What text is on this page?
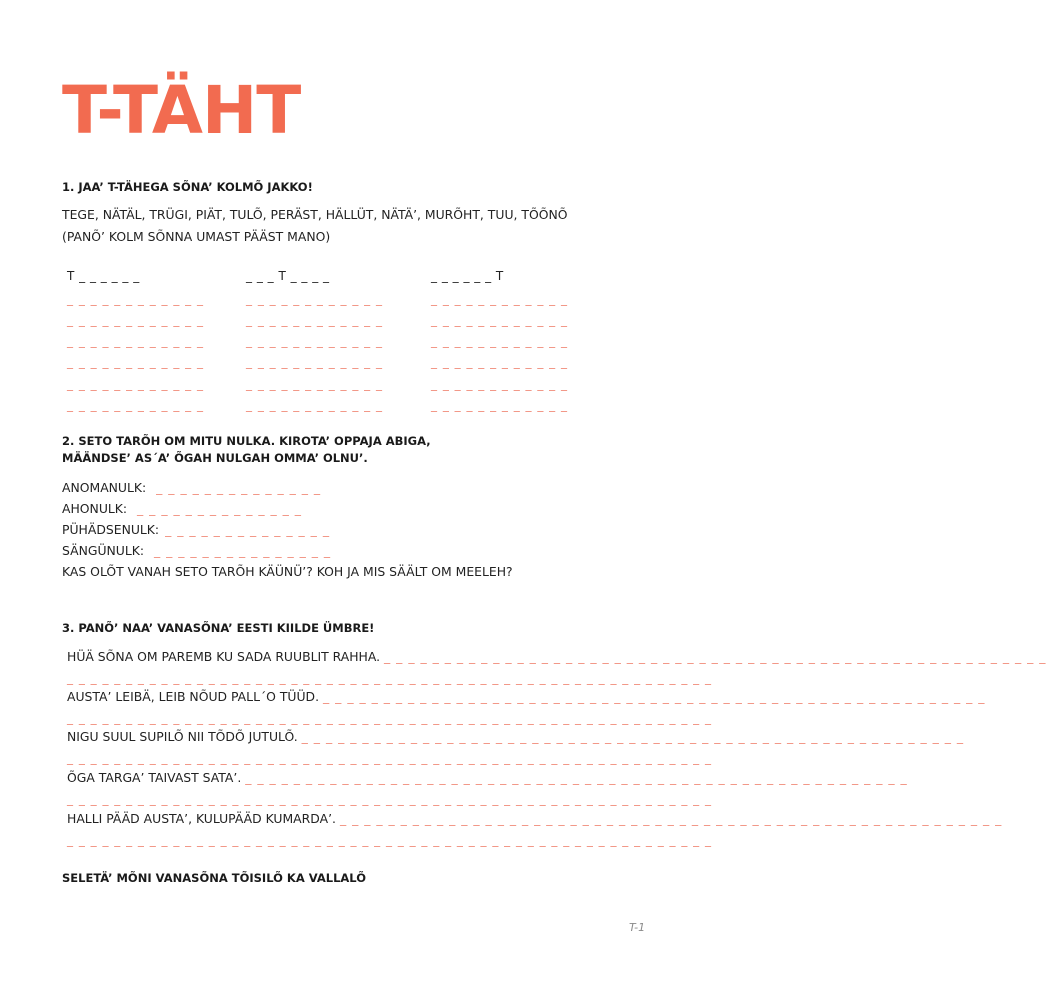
T-TÄHT
1. JAA’ T-TÄHEGA SÕNA’ KOLMÕ JAKKO!
TEGE, NÄTÄL, TRÜGI, PIÄT, TULÕ, PERÄST, HÄLLÜT, NÄTÄ’, MURÕHT, TUU, TÕÕNÕ
(PANÕ’ KOLM SÕNNA UMAST PÄÄST MANO)
T _ _ _ _ _ _	_ _ _ T _ _ _ _	_ _ _ _ _ _ T
_ _ _ _ _ _ _ _ _ _ _ _
_ _ _ _ _ _ _ _ _ _ _ _
_ _ _ _ _ _ _ _ _ _ _ _
_ _ _ _ _ _ _ _ _ _ _ _
_ _ _ _ _ _ _ _ _ _ _ _
_ _ _ _ _ _ _ _ _ _ _ _
_ _ _ _ _ _ _ _ _ _ _ _
_ _ _ _ _ _ _ _ _ _ _ _
_ _ _ _ _ _ _ _ _ _ _ _
_ _ _ _ _ _ _ _ _ _ _ _
_ _ _ _ _ _ _ _ _ _ _ _
_ _ _ _ _ _ _ _ _ _ _ _
_ _ _ _ _ _ _ _ _ _ _ _
_ _ _ _ _ _ _ _ _ _ _ _
_ _ _ _ _ _ _ _ _ _ _ _
_ _ _ _ _ _ _ _ _ _ _ _
_ _ _ _ _ _ _ _ _ _ _ _
_ _ _ _ _ _ _ _ _ _ _ _
2. SETO TARÕH OM MITU NULKA. KIROTA’ OPPAJA ABIGA,
MÄÄNDSE’ AS´A’ ÕGAH NULGAH OMMA’ OLNU’.
ANOMANULK: _ _ _ _ _ _ _ _ _ _ _ _ _ _
AHONULK: _ _ _ _ _ _ _ _ _ _ _ _ _ _
PÜHÄDSENULK: _ _ _ _ _ _ _ _ _ _ _ _ _ _
SÄNGÜNULK: _ _ _ _ _ _ _ _ _ _ _ _ _ _ _
KAS OLÕT VANAH SETO TARÕH KÄÜNÜ’? KOH JA MIS SÄÄLT OM MEELEH?
3. PANÕ’ NAA’ VANASÕNA’ EESTI KIILDE ÜMBRE!
HÜÄ SÕNA OM PAREMB KU SADA RUUBLIT RAHHA. _ _ _ _ _ _ _ _ _ _ _ _ _ _ _ _ _ _ _ _ _ _ _ _ _ _ _ _ _ _ _ _ _ _ _ _ _ _ _ _ _ _ _ _ _ _ _ _ _ _ _ _ _ _ _
_ _ _ _ _ _ _ _ _ _ _ _ _ _ _ _ _ _ _ _ _ _ _ _ _ _ _ _ _ _ _ _ _ _ _ _ _ _ _ _ _ _ _ _ _ _ _ _ _ _ _ _ _ _ _
AUSTA’ LEIBÄ, LEIB NÕUD PALL´O TÜÜD. _ _ _ _ _ _ _ _ _ _ _ _ _ _ _ _ _ _ _ _ _ _ _ _ _ _ _ _ _ _ _ _ _ _ _ _ _ _ _ _ _ _ _ _ _ _ _ _ _ _ _ _ _ _ _
_ _ _ _ _ _ _ _ _ _ _ _ _ _ _ _ _ _ _ _ _ _ _ _ _ _ _ _ _ _ _ _ _ _ _ _ _ _ _ _ _ _ _ _ _ _ _ _ _ _ _ _ _ _ _
NIGU SUUL SUPILÕ NII TÕDÕ JUTULÕ. _ _ _ _ _ _ _ _ _ _ _ _ _ _ _ _ _ _ _ _ _ _ _ _ _ _ _ _ _ _ _ _ _ _ _ _ _ _ _ _ _ _ _ _ _ _ _ _ _ _ _ _ _ _ _
_ _ _ _ _ _ _ _ _ _ _ _ _ _ _ _ _ _ _ _ _ _ _ _ _ _ _ _ _ _ _ _ _ _ _ _ _ _ _ _ _ _ _ _ _ _ _ _ _ _ _ _ _ _ _
ÕGA TARGA’ TAIVAST SATA’. _ _ _ _ _ _ _ _ _ _ _ _ _ _ _ _ _ _ _ _ _ _ _ _ _ _ _ _ _ _ _ _ _ _ _ _ _ _ _ _ _ _ _ _ _ _ _ _ _ _ _ _ _ _ _
_ _ _ _ _ _ _ _ _ _ _ _ _ _ _ _ _ _ _ _ _ _ _ _ _ _ _ _ _ _ _ _ _ _ _ _ _ _ _ _ _ _ _ _ _ _ _ _ _ _ _ _ _ _ _
HALLI PÄÄD AUSTA’, KULUPÄÄD KUMARDA’. _ _ _ _ _ _ _ _ _ _ _ _ _ _ _ _ _ _ _ _ _ _ _ _ _ _ _ _ _ _ _ _ _ _ _ _ _ _ _ _ _ _ _ _ _ _ _ _ _ _ _ _ _ _ _
_ _ _ _ _ _ _ _ _ _ _ _ _ _ _ _ _ _ _ _ _ _ _ _ _ _ _ _ _ _ _ _ _ _ _ _ _ _ _ _ _ _ _ _ _ _ _ _ _ _ _ _ _ _ _
SELETÄ’ MÕNI VANASÕNA TÕISILÕ KA VALLALÕ
T-1
